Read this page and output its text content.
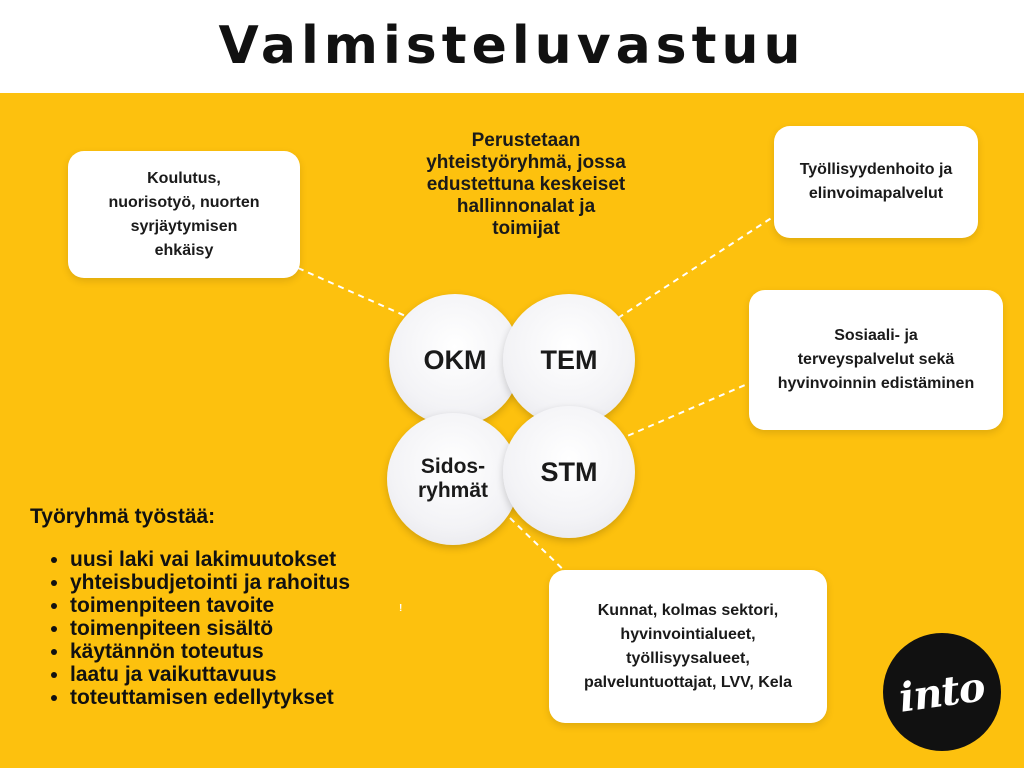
Valmisteluvastuu
Perustetaan
yhteistyöryhmä, jossa
edustettuna keskeiset
hallinnonalat ja
toimijat
Koulutus,
nuorisotyö, nuorten
syrjäytymisen
ehkäisy
Työllisyydenhoito ja
elinvoimapalvelut
Sosiaali- ja
terveyspalvelut sekä
hyvinvoinnin edistäminen
Kunnat, kolmas sektori,
hyvinvointialueet,
työllisyysalueet,
palveluntuottajat, LVV, Kela
OKM
Sidos-
ryhmät
TEM
STM
Työryhmä työstää:
• uusi laki vai lakimuutokset
• yhteisbudjetointi ja rahoitus
• toimenpiteen tavoite
• toimenpiteen sisältö
• käytännön toteutus
• laatu ja vaikuttavuus
• toteuttamisen edellytykset
!
into
